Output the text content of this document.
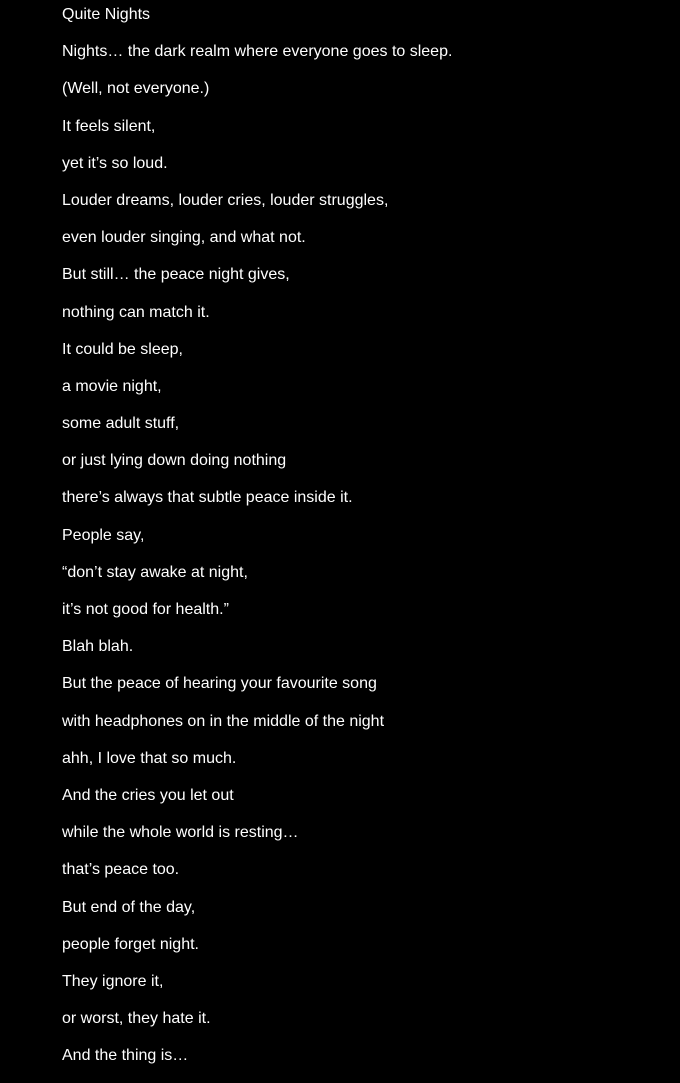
Quite Nights
Nights… the dark realm where everyone goes to sleep.
(Well, not everyone.)
It feels silent,
yet it’s so loud.
Louder dreams, louder cries, louder struggles,
even louder singing, and what not.
But still… the peace night gives,
nothing can match it.
It could be sleep,
a movie night,
some adult stuff,
or just lying down doing nothing
there’s always that subtle peace inside it.
People say,
“don’t stay awake at night,
it’s not good for health.”
Blah blah.
But the peace of hearing your favourite song
with headphones on in the middle of the night
ahh, I love that so much.
And the cries you let out
while the whole world is resting…
that’s peace too.
But end of the day,
people forget night.
They ignore it,
or worst, they hate it.
And the thing is…
